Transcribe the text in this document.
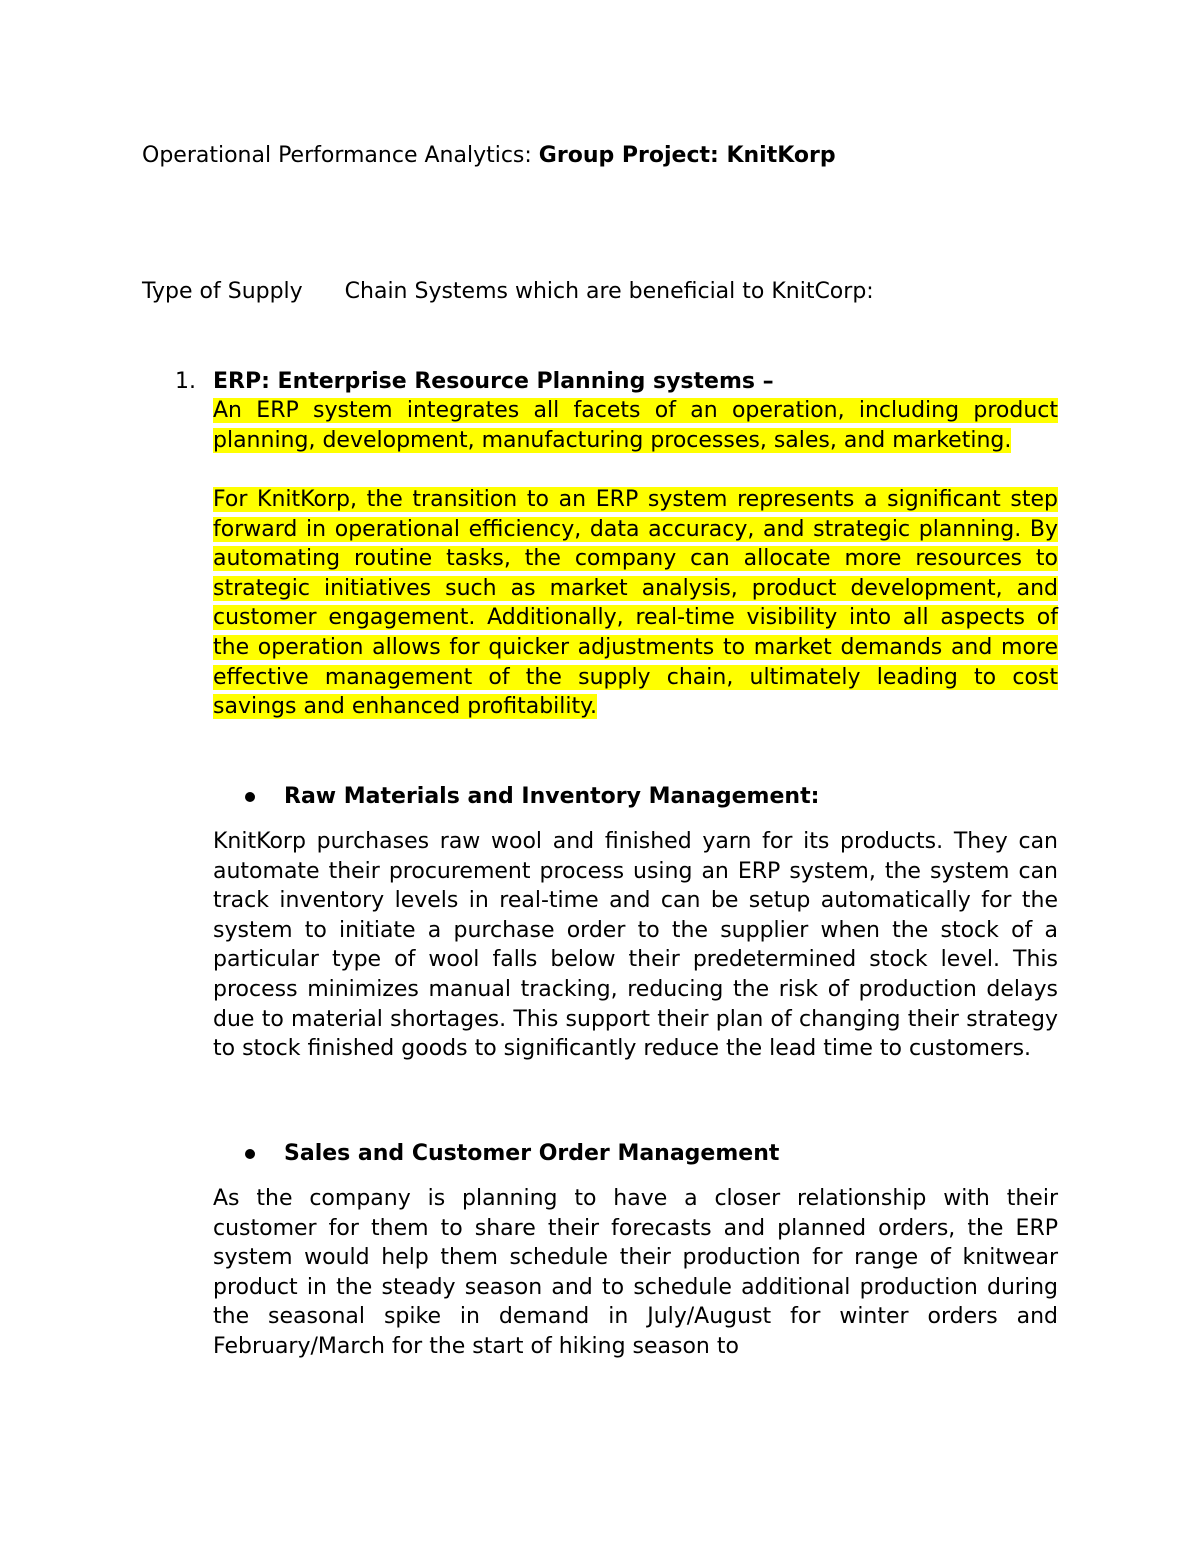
Operational Performance Analytics: Group Project: KnitKorp
Type of Supply      Chain Systems which are beneficial to KnitCorp:
1. ERP: Enterprise Resource Planning systems –
An ERP system integrates all facets of an operation, including product planning, development, manufacturing processes, sales, and marketing.
For KnitKorp, the transition to an ERP system represents a significant step forward in operational efficiency, data accuracy, and strategic planning. By automating routine tasks, the company can allocate more resources to strategic initiatives such as market analysis, product development, and customer engagement. Additionally, real-time visibility into all aspects of the operation allows for quicker adjustments to market demands and more effective management of the supply chain, ultimately leading to cost savings and enhanced profitability.
Raw Materials and Inventory Management:
KnitKorp purchases raw wool and finished yarn for its products. They can automate their procurement process using an ERP system, the system can track inventory levels in real-time and can be setup automatically for the system to initiate a purchase order to the supplier when the stock of a particular type of wool falls below their predetermined stock level. This process minimizes manual tracking, reducing the risk of production delays due to material shortages. This support their plan of changing their strategy to stock finished goods to significantly reduce the lead time to customers.
Sales and Customer Order Management
As the company is planning to have a closer relationship with their customer for them to share their forecasts and planned orders, the ERP system would help them schedule their production for range of knitwear product in the steady season and to schedule additional production during the seasonal spike in demand in July/August for winter orders and February/March for the start of hiking season to
